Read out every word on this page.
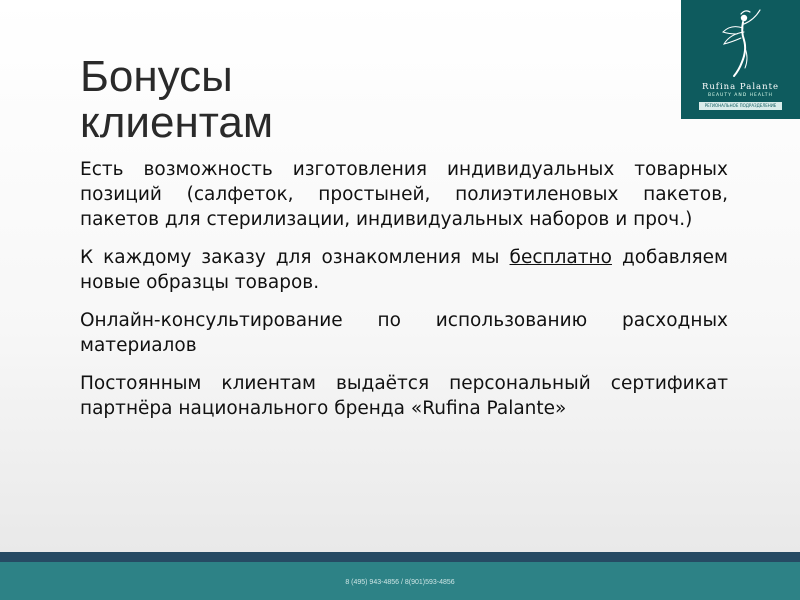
Бонусы
клиентам
Rufina Palante
BEAUTY AND HEALTH
РЕГИОНАЛЬНОЕ ПОДРАЗДЕЛЕНИЕ
Есть возможность изготовления индивидуальных товарных позиций (салфеток, простыней, полиэтиленовых пакетов, пакетов для стерилизации, индивидуальных наборов и проч.)
К каждому заказу для ознакомления мы бесплатно добавляем новые образцы товаров.
Онлайн-консультирование по использованию расходных материалов
Постоянным клиентам выдаётся персональный сертификат партнёра национального бренда «Rufina Palante»
8 (495) 943-4856 / 8(901)593-4856
